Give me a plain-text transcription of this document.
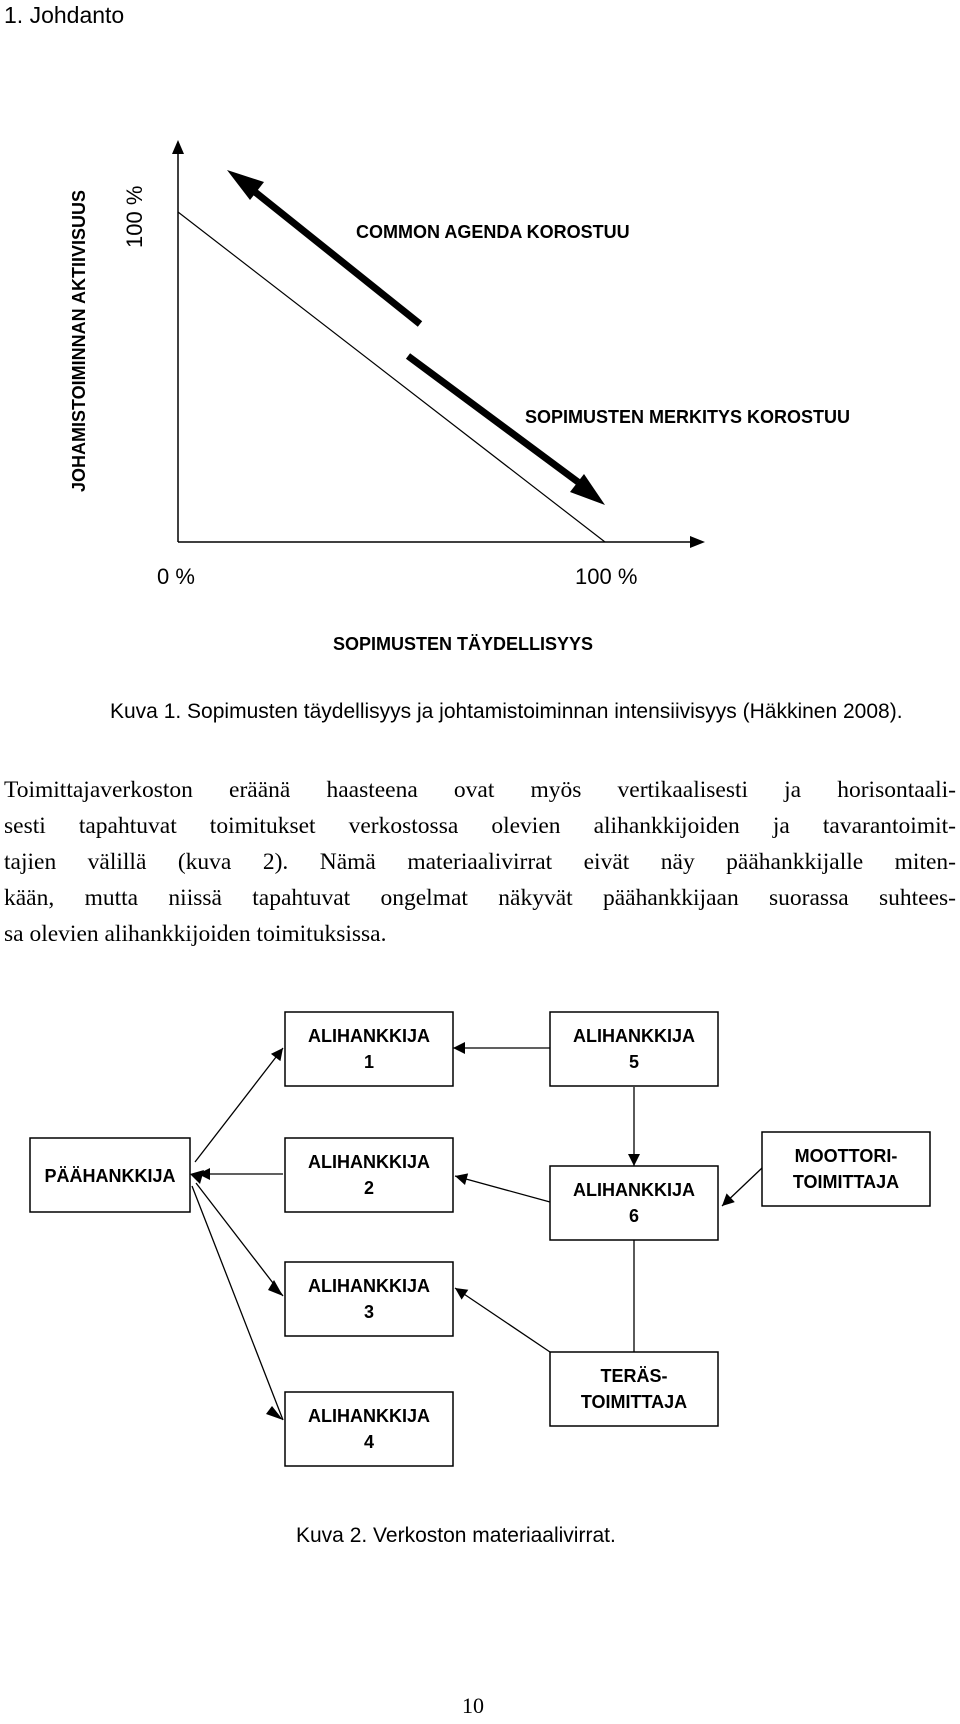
1. Johdanto
JOHAMISTOIMINNAN AKTIIVISUUS 100 %	COMMON AGENDA KOROSTUU
SOPIMUSTEN MERKITYS KOROSTUU
0 %	100 %
SOPIMUSTEN TÄYDELLISYYS
Kuva 1. Sopimusten täydellisyys ja johtamistoiminnan intensiivisyys (Häkkinen 2008).
Toimittajaverkoston eräänä haasteena ovat myös vertikaalisesti ja horisontaali-
sesti tapahtuvat toimitukset verkostossa olevien alihankkijoiden ja tavarantoimit-
tajien välillä (kuva 2). Nämä materiaalivirrat eivät näy päähankkijalle miten-
kään, mutta niissä tapahtuvat ongelmat näkyvät päähankkijaan suorassa suhtees-
sa olevien alihankkijoiden toimituksissa.
PÄÄHANKKIJA
ALIHANKKIJA
1
ALIHANKKIJA
5
ALIHANKKIJA
2	ALIHANKKIJA
6
MOOTTORI-
TOIMITTAJA
ALIHANKKIJA
3
TERÄS-
TOIMITTAJA
ALIHANKKIJA
4
Kuva 2. Verkoston materiaalivirrat.
10
